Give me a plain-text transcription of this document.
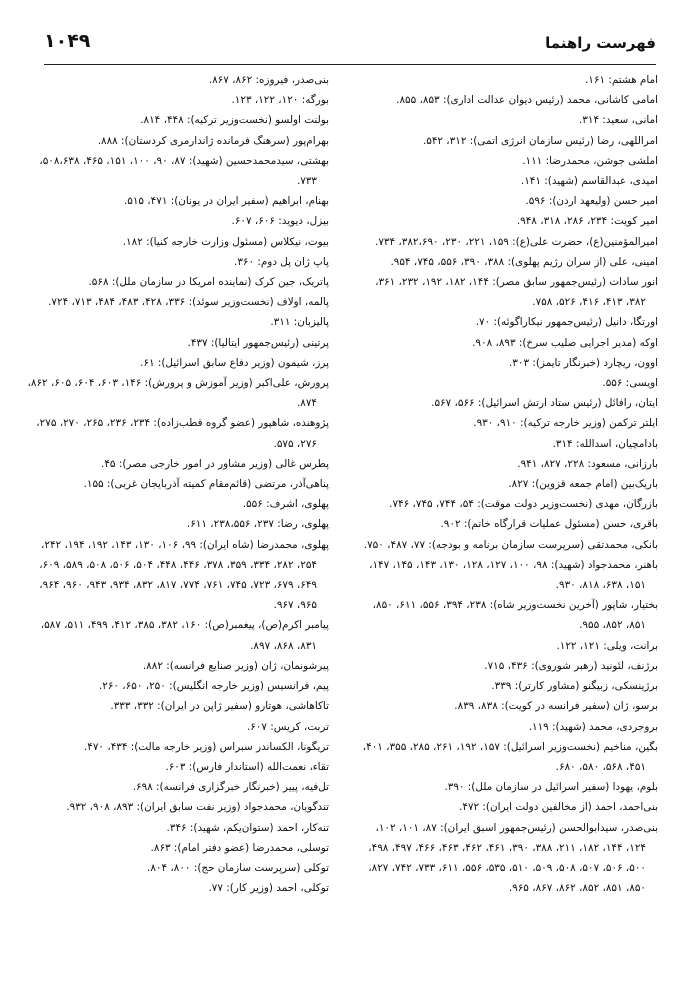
فهرست راهنما
۱۰۴۹

امام هشتم: ۱۶۱.

امامی کاشانی، محمد (رئیس دیوان عدالت اداری): ۸۵۳، ۸۵۵.

امانی، سعید: ۳۱۴.

امراللهی، رضا (رئیس سازمان انرژی اتمی): ۳۱۲، ۵۴۲.

املشی جوشن، محمدرضا: ۱۱۱.

امیدی، عبدالقاسم (شهید): ۱۴۱.

امیر حسن (ولیعهد اردن): ۵۹۶.

امیر کویت: ۲۳۴، ۲۸۶، ۳۱۸، ۹۴۸.

امیرالمؤمنین(ع)، حضرت علی(ع): ۱۵۹، ۲۲۱، ۲۳۰، ۳۸۲،۶۹۰، ۷۳۴.

امینی، علی (از سران رژیم پهلوی): ۳۸۸، ۳۹۰، ۵۵۶، ۷۴۵، ۹۵۴.

انور سادات (رئیس‌جمهور سابق مصر): ۱۴۴، ۱۸۲، ۱۹۲، ۲۳۲، ۳۶۱، ۳۸۲، ۴۱۳، ۴۱۶، ۵۲۶، ۷۵۸.

اورتگا، دانیل (رئیس‌جمهور نیکاراگوئه): ۷۰.

اوکه (مدیر اجرایی صلیب سرخ): ۸۹۳، ۹۰۸.

اوون، ریچارد (خبرنگار تایمز): ۳۰۳.

اویسی: ۵۵۶.

ایتان، رافائل (رئیس ستاد ارتش اسرائیل): ۵۶۶، ۵۶۷.

ایلتر ترکمن (وزیر خارجه ترکیه): ۹۱۰، ۹۳۰.

بادامچیان، اسدالله: ۳۱۴.

بارزانی، مسعود: ۲۲۸، ۸۲۷، ۹۴۱.

باریک‌بین (امام جمعه قزوین): ۸۲۷.

بازرگان، مهدی (نخست‌وزیر دولت موقت): ۵۴، ۷۴۴، ۷۴۵، ۷۴۶.

باقری، حسن (مسئول عملیات قرارگاه خاتم): ۹۰۲.

بانکی، محمدتقی (سرپرست سازمان برنامه و بودجه): ۷۷، ۴۸۷، ۷۵۰.

باهنر، محمدجواد (شهید): ۹۸، ۱۰۰، ۱۲۷، ۱۲۸، ۱۳۰، ۱۴۳، ۱۴۵، ۱۴۷، ۱۵۱، ۶۳۸، ۸۱۸، ۹۳۰.

بختیار، شاپور (آخرین نخست‌وزیر شاه): ۲۳۸، ۳۹۴، ۵۵۶، ۶۱۱، ۸۵۰، ۸۵۱، ۸۵۲، ۹۵۵.

برانت، ویلی: ۱۲۱، ۱۲۲.

برژنف، لئونید (رهبر شوروی): ۴۳۶، ۷۱۵.

برژینسکی، زبیگنو (مشاور کارتر): ۳۳۹.

برسو، ژان (سفیر فرانسه در کویت): ۸۳۸، ۸۳۹.

بروجردی، محمد (شهید): ۱۱۹.

بگین، مناخیم (نخست‌وزیر اسرائیل): ۱۵۷، ۱۹۲، ۲۶۱، ۲۸۵، ۳۵۵، ۴۰۱، ۴۵۱، ۵۶۸، ۵۸۰، ۶۸۰.

بلوم، یهودا (سفیر اسرائیل در سازمان ملل): ۳۹۰.

بنی‌احمد، احمد (از مخالفین دولت ایران): ۴۷۲.

بنی‌صدر، سیدابوالحسن (رئیس‌جمهور اسبق ایران): ۸۷، ۱۰۱، ۱۰۲، ۱۲۴، ۱۴۴، ۱۸۲، ۲۱۱، ۳۸۸، ۳۹۰، ۴۶۱، ۴۶۲، ۴۶۳، ۴۶۶، ۴۹۷، ۴۹۸، ۵۰۰، ۵۰۶، ۵۰۷، ۵۰۸، ۵۰۹، ۵۱۰، ۵۳۵، ۵۵۶، ۶۱۱، ۷۳۳، ۷۴۲، ۸۲۷، ۸۵۰، ۸۵۱، ۸۵۲، ۸۶۲، ۸۶۷، ۹۶۵.

بنی‌صدر، فیروزه: ۸۶۲، ۸۶۷.

بورگه: ۱۲۰، ۱۲۲، ۱۲۳.

بولنت اولسو (نخست‌وزیر ترکیه): ۴۴۸، ۸۱۴.

بهرام‌پور (سرهنگ فرمانده ژاندارمری کردستان): ۸۸۸.

بهشتی، سیدمحمدحسین (شهید): ۸۷، ۹۰، ۱۰۰، ۱۵۱، ۴۶۵، ۵۰۸،۶۳۸، ۷۳۳.

بهنام، ابراهیم (سفیر ایران در یونان): ۴۷۱، ۵۱۵.

بیزل، دیوید: ۶۰۶، ۶۰۷.

بیوت، نیکلاس (مسئول وزارت خارجه کنیا): ۱۸۲.

پاپ ژان پل دوم: ۳۶۰.

پاتریک، جین کرک (نماینده امریکا در سازمان ملل): ۵۶۸.

پالمه، اولاف (نخست‌وزیر سوئد): ۳۳۶، ۴۲۸، ۴۸۳، ۴۸۴، ۷۱۳، ۷۲۴.

پالیزبان: ۳۱۱.

پرتینی (رئیس‌جمهور ایتالیا): ۴۳۷.

پرز، شیمون (وزیر دفاع سابق اسرائیل): ۶۱.

پرورش، علی‌اکبر (وزیر آموزش و پرورش): ۱۴۶، ۶۰۳، ۶۰۴، ۶۰۵، ۸۶۲، ۸۷۴.

پژوهنده، شاهپور (عضو گروه قطب‌زاده): ۲۳۴، ۲۳۶، ۲۶۵، ۲۷۰، ۲۷۵، ۲۷۶، ۵۷۵.

پطرس غالی (وزیر مشاور در امور خارجی مصر): ۴۵.

پناهی‌آذر، مرتضی (قائم‌مقام کمیته آذربایجان غربی): ۱۵۵.

پهلوی، اشرف: ۵۵۶.

پهلوی، رضا: ۲۳۷، ۲۳۸،۵۵۶، ۶۱۱.

پهلوی، محمدرضا (شاه ایران): ۹۹، ۱۰۶، ۱۳۰، ۱۴۳، ۱۹۲، ۱۹۴، ۲۴۲، ۲۵۴، ۲۸۲، ۳۳۴، ۳۵۹، ۳۷۸، ۴۴۶، ۴۴۸، ۵۰۴، ۵۰۶، ۵۰۸، ۵۸۹، ۶۰۹، ۶۴۹، ۶۷۹، ۷۲۳، ۷۴۵، ۷۶۱، ۷۷۴، ۸۱۷، ۸۳۲، ۹۳۴، ۹۴۳، ۹۶۰، ۹۶۴، ۹۶۵، ۹۶۷.

پیامبر اکرم(ص)، پیغمبر(ص): ۱۶۰، ۳۸۲، ۳۸۵، ۴۱۲، ۴۹۹، ۵۱۱، ۵۸۷، ۸۳۱، ۸۶۸، ۸۹۷.

پیرشونمان، ژان (وزیر صنایع فرانسه): ۸۸۲.

پیم، فرانسیس (وزیر خارجه انگلیس): ۲۵۰، ۶۵۰، ۲۶۰.

تاکاهاشی، هوتارو (سفیر ژاپن در ایران): ۳۳۲، ۳۳۳.

تربت، کریس: ۶۰۷.

تریگونا، الکساندر سبراس (وزیر خارجه مالت): ۴۳۴، ۴۷۰.

تقاء، نعمت‌الله (استاندار فارس): ۶۰۳.

تل‌فیه، پییر (خبرنگار خبرگزاری فرانسه): ۶۹۸.

تندگویان، محمدجواد (وزیر نفت سابق ایران): ۸۹۳، ۹۰۸، ۹۳۲.

تنه‌کار، احمد (ستوان‌یکم، شهید): ۳۴۶.

توسلی، محمدرضا (عضو دفتر امام): ۸۶۳.

توکلی (سرپرست سازمان حج): ۸۰۰، ۸۰۴.

توکلی، احمد (وزیر کار): ۷۷.
